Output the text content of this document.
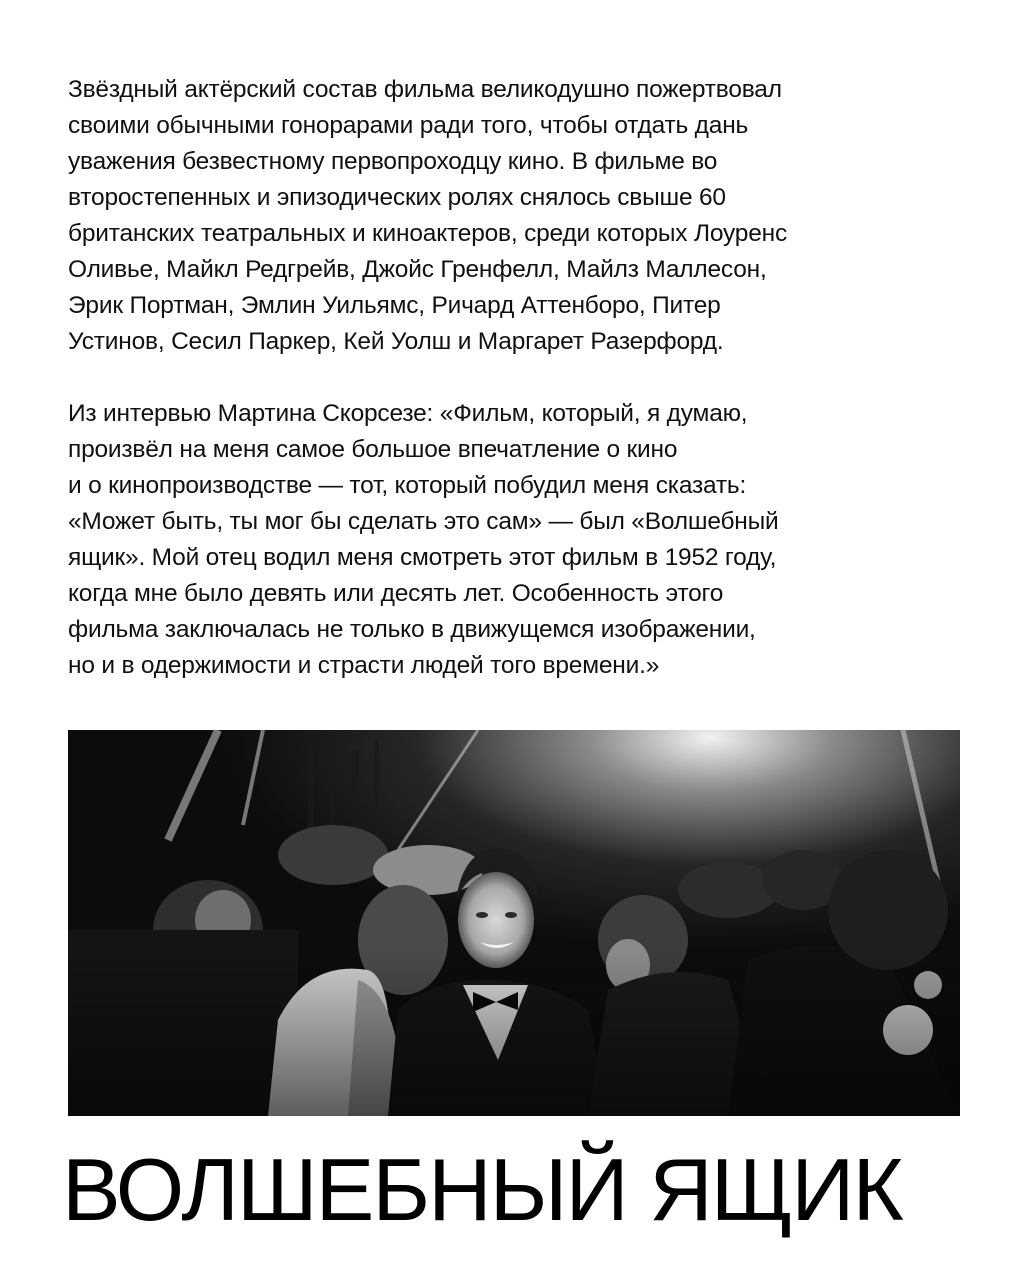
Звёздный актёрский состав фильма великодушно пожертвовал
своими обычными гонорарами ради того, чтобы отдать дань
уважения безвестному первопроходцу кино. В фильме во
второстепенных и эпизодических ролях снялось свыше 60
британских театральных и киноактеров, среди которых Лоуренс
Оливье, Майкл Редгрейв, Джойс Гренфелл, Майлз Маллесон,
Эрик Портман, Эмлин Уильямс, Ричард Аттенборо, Питер
Устинов, Сесил Паркер, Кей Уолш и Маргарет Разерфорд.
Из интервью Мартина Скорсезе: «Фильм, который, я думаю,
произвёл на меня самое большое впечатление о кино
и о кинопроизводстве — тот, который побудил меня сказать:
«Может быть, ты мог бы сделать это сам» — был «Волшебный
ящик». Мой отец водил меня смотреть этот фильм в 1952 году,
когда мне было девять или десять лет. Особенность этого
фильма заключалась не только в движущемся изображении,
но и в одержимости и страсти людей того времени.»
ВОЛШЕБНЫЙ ЯЩИК
